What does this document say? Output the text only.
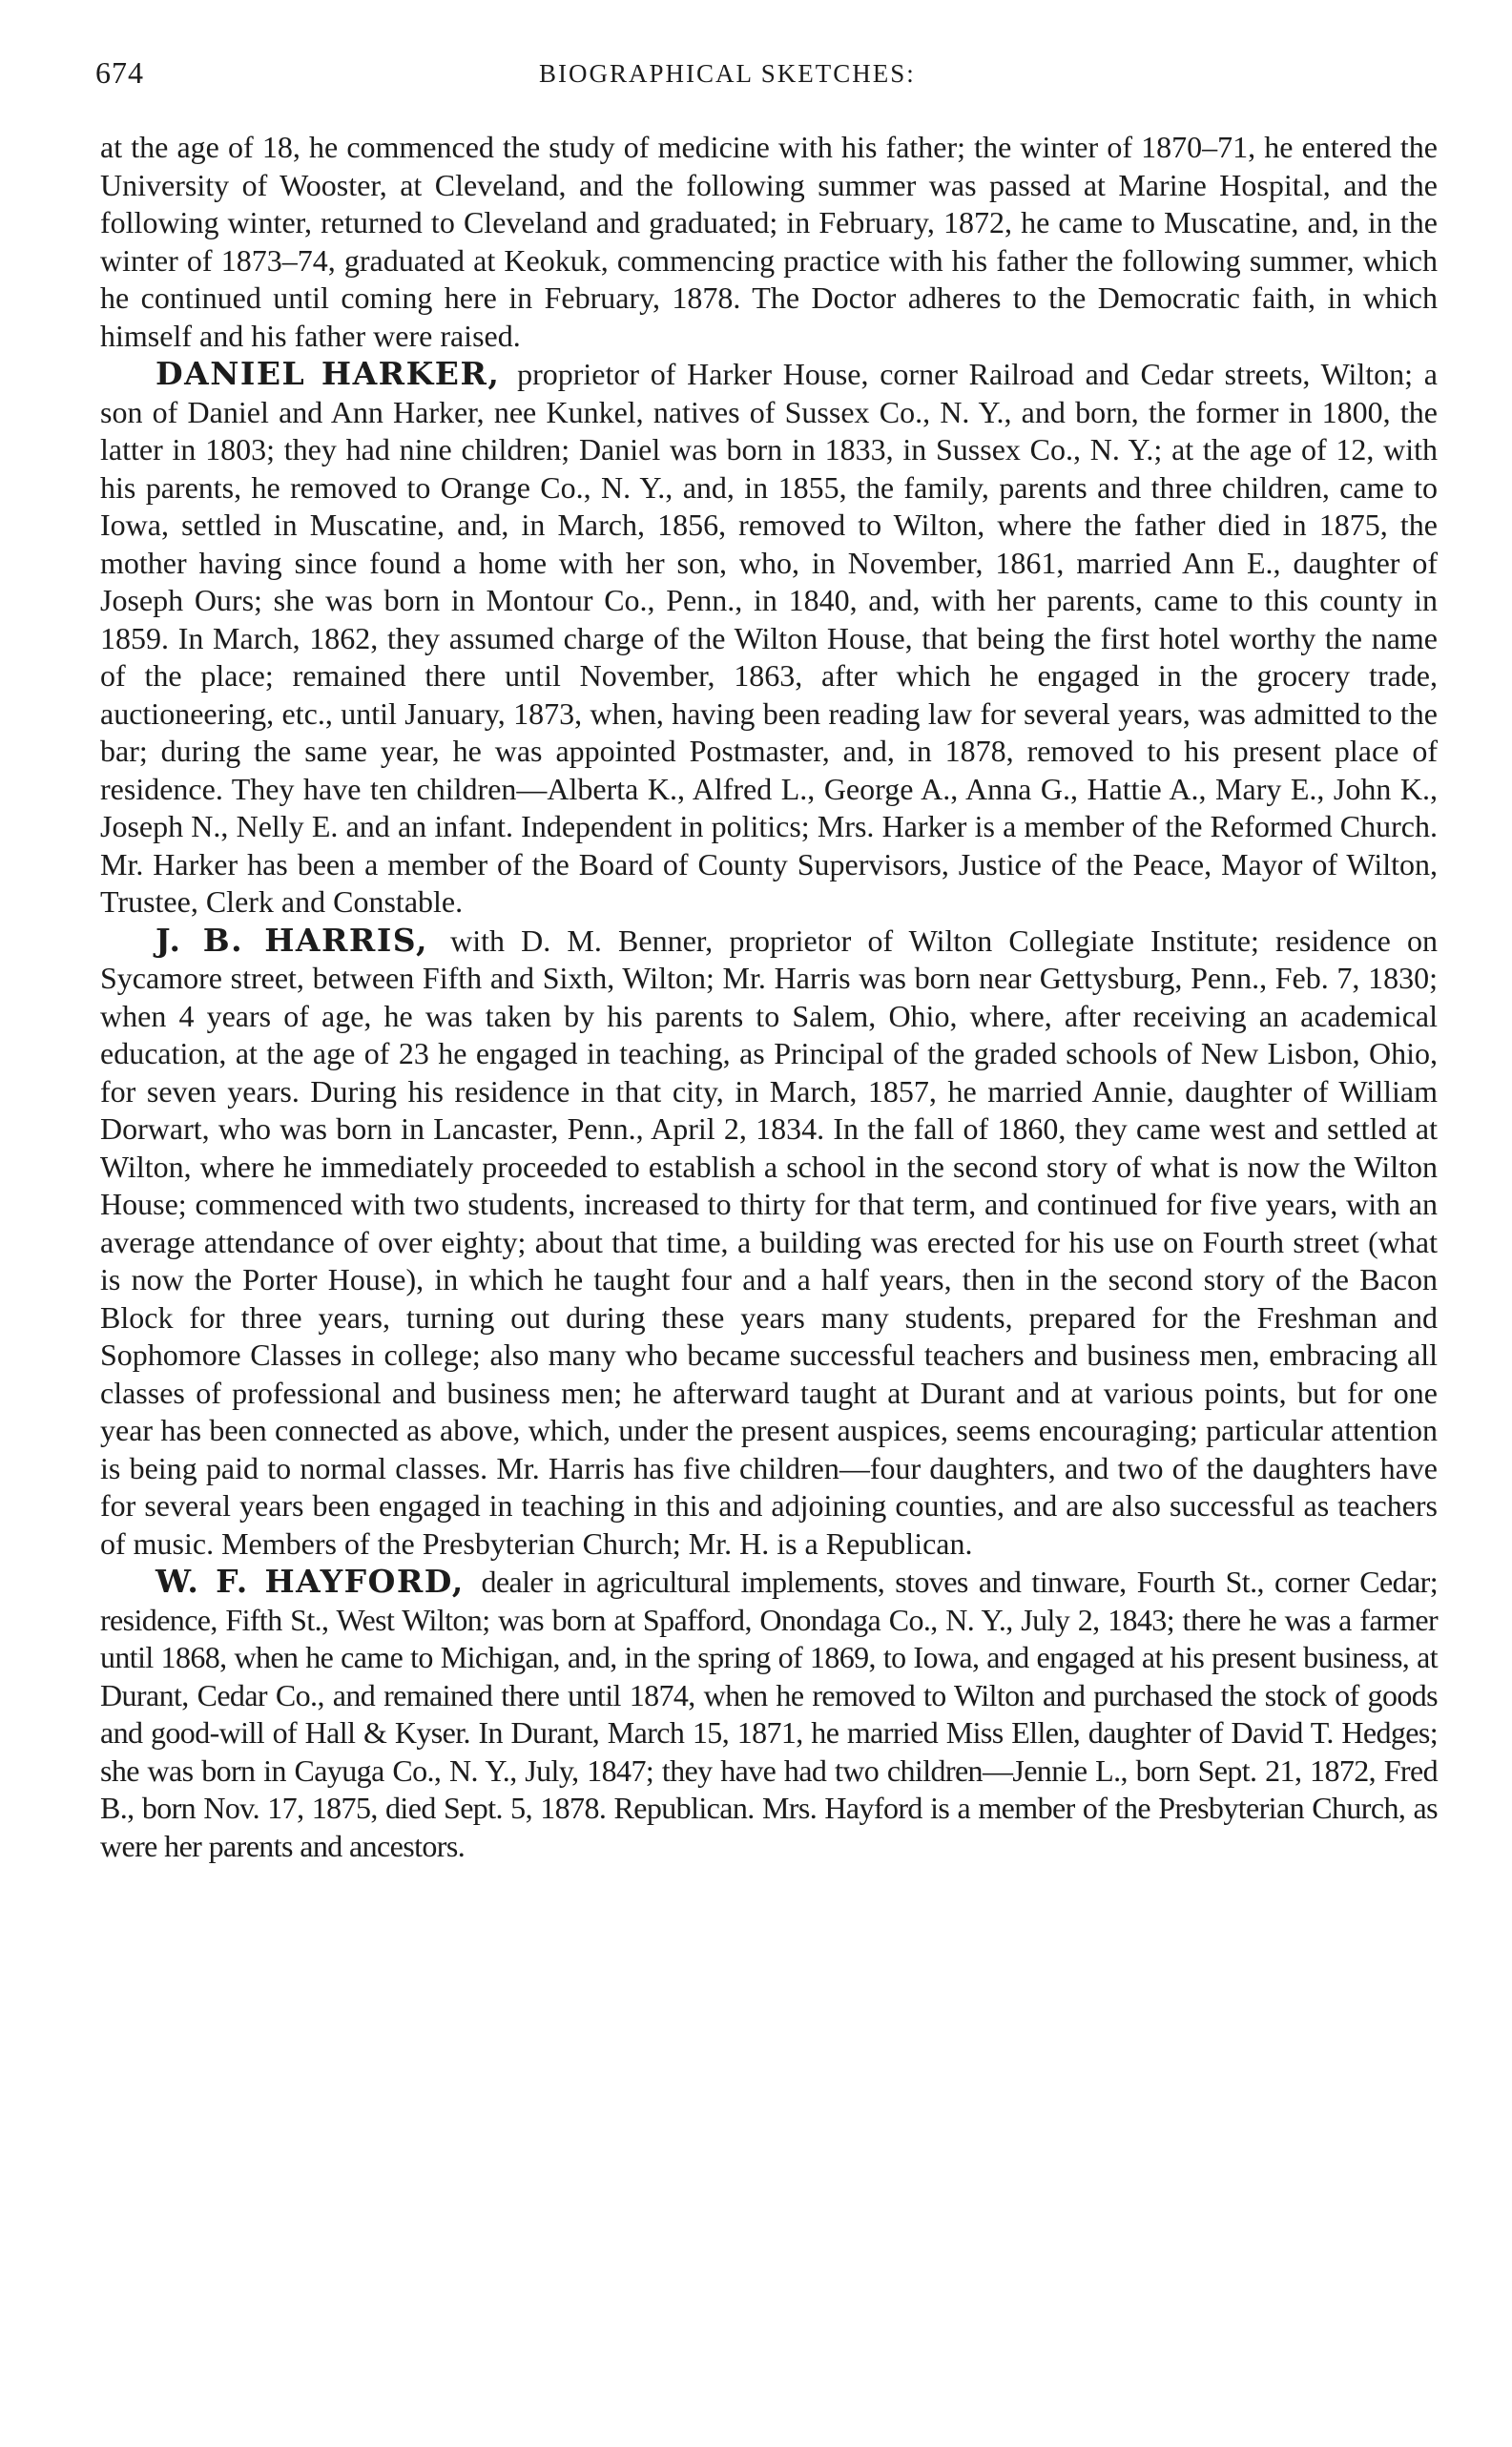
674	BIOGRAPHICAL SKETCHES:

at the age of 18, he commenced the study of medicine with his father; the winter of 1870–71, he entered the University of Wooster, at Cleveland, and the following summer was passed at Marine Hospital, and the following winter, returned to Cleveland and graduated; in February, 1872, he came to Muscatine, and, in the winter of 1873–74, graduated at Keokuk, commencing practice with his father the following summer, which he continued until coming here in February, 1878. The Doctor adheres to the Democratic faith, in which himself and his father were raised.

DANIEL HARKER, proprietor of Harker House, corner Railroad and Cedar streets, Wilton; a son of Daniel and Ann Harker, nee Kunkel, natives of Sussex Co., N. Y., and born, the former in 1800, the latter in 1803; they had nine children; Daniel was born in 1833, in Sussex Co., N. Y.; at the age of 12, with his parents, he removed to Orange Co., N. Y., and, in 1855, the family, parents and three children, came to Iowa, settled in Muscatine, and, in March, 1856, removed to Wilton, where the father died in 1875, the mother having since found a home with her son, who, in November, 1861, married Ann E., daughter of Joseph Ours; she was born in Montour Co., Penn., in 1840, and, with her parents, came to this county in 1859. In March, 1862, they assumed charge of the Wilton House, that being the first hotel worthy the name of the place; remained there until November, 1863, after which he engaged in the grocery trade, auctioneering, etc., until January, 1873, when, having been reading law for several years, was admitted to the bar; during the same year, he was appointed Postmaster, and, in 1878, removed to his present place of residence. They have ten children—Alberta K., Alfred L., George A., Anna G., Hattie A., Mary E., John K., Joseph N., Nelly E. and an infant. Independent in politics; Mrs. Harker is a member of the Reformed Church. Mr. Harker has been a member of the Board of County Supervisors, Justice of the Peace, Mayor of Wilton, Trustee, Clerk and Constable.

J. B. HARRIS, with D. M. Benner, proprietor of Wilton Collegiate Institute; residence on Sycamore street, between Fifth and Sixth, Wilton; Mr. Harris was born near Gettysburg, Penn., Feb. 7, 1830; when 4 years of age, he was taken by his parents to Salem, Ohio, where, after receiving an academical education, at the age of 23 he engaged in teaching, as Principal of the graded schools of New Lisbon, Ohio, for seven years. During his residence in that city, in March, 1857, he married Annie, daughter of William Dorwart, who was born in Lancaster, Penn., April 2, 1834. In the fall of 1860, they came west and settled at Wilton, where he immediately proceeded to establish a school in the second story of what is now the Wilton House; commenced with two students, increased to thirty for that term, and continued for five years, with an average attendance of over eighty; about that time, a building was erected for his use on Fourth street (what is now the Porter House), in which he taught four and a half years, then in the second story of the Bacon Block for three years, turning out during these years many students, prepared for the Freshman and Sophomore Classes in college; also many who became successful teachers and business men, embracing all classes of professional and business men; he afterward taught at Durant and at various points, but for one year has been connected as above, which, under the present auspices, seems encouraging; particular attention is being paid to normal classes. Mr. Harris has five children—four daughters, and two of the daughters have for several years been engaged in teaching in this and adjoining counties, and are also successful as teachers of music. Members of the Presbyterian Church; Mr. H. is a Republican.

W. F. HAYFORD, dealer in agricultural implements, stoves and tinware, Fourth St., corner Cedar; residence, Fifth St., West Wilton; was born at Spafford, Onondaga Co., N. Y., July 2, 1843; there he was a farmer until 1868, when he came to Michigan, and, in the spring of 1869, to Iowa, and engaged at his present business, at Durant, Cedar Co., and remained there until 1874, when he removed to Wilton and purchased the stock of goods and good-will of Hall & Kyser. In Durant, March 15, 1871, he married Miss Ellen, daughter of David T. Hedges; she was born in Cayuga Co., N. Y., July, 1847; they have had two children—Jennie L., born Sept. 21, 1872, Fred B., born Nov. 17, 1875, died Sept. 5, 1878. Republican. Mrs. Hayford is a member of the Presbyterian Church, as were her parents and ancestors.
